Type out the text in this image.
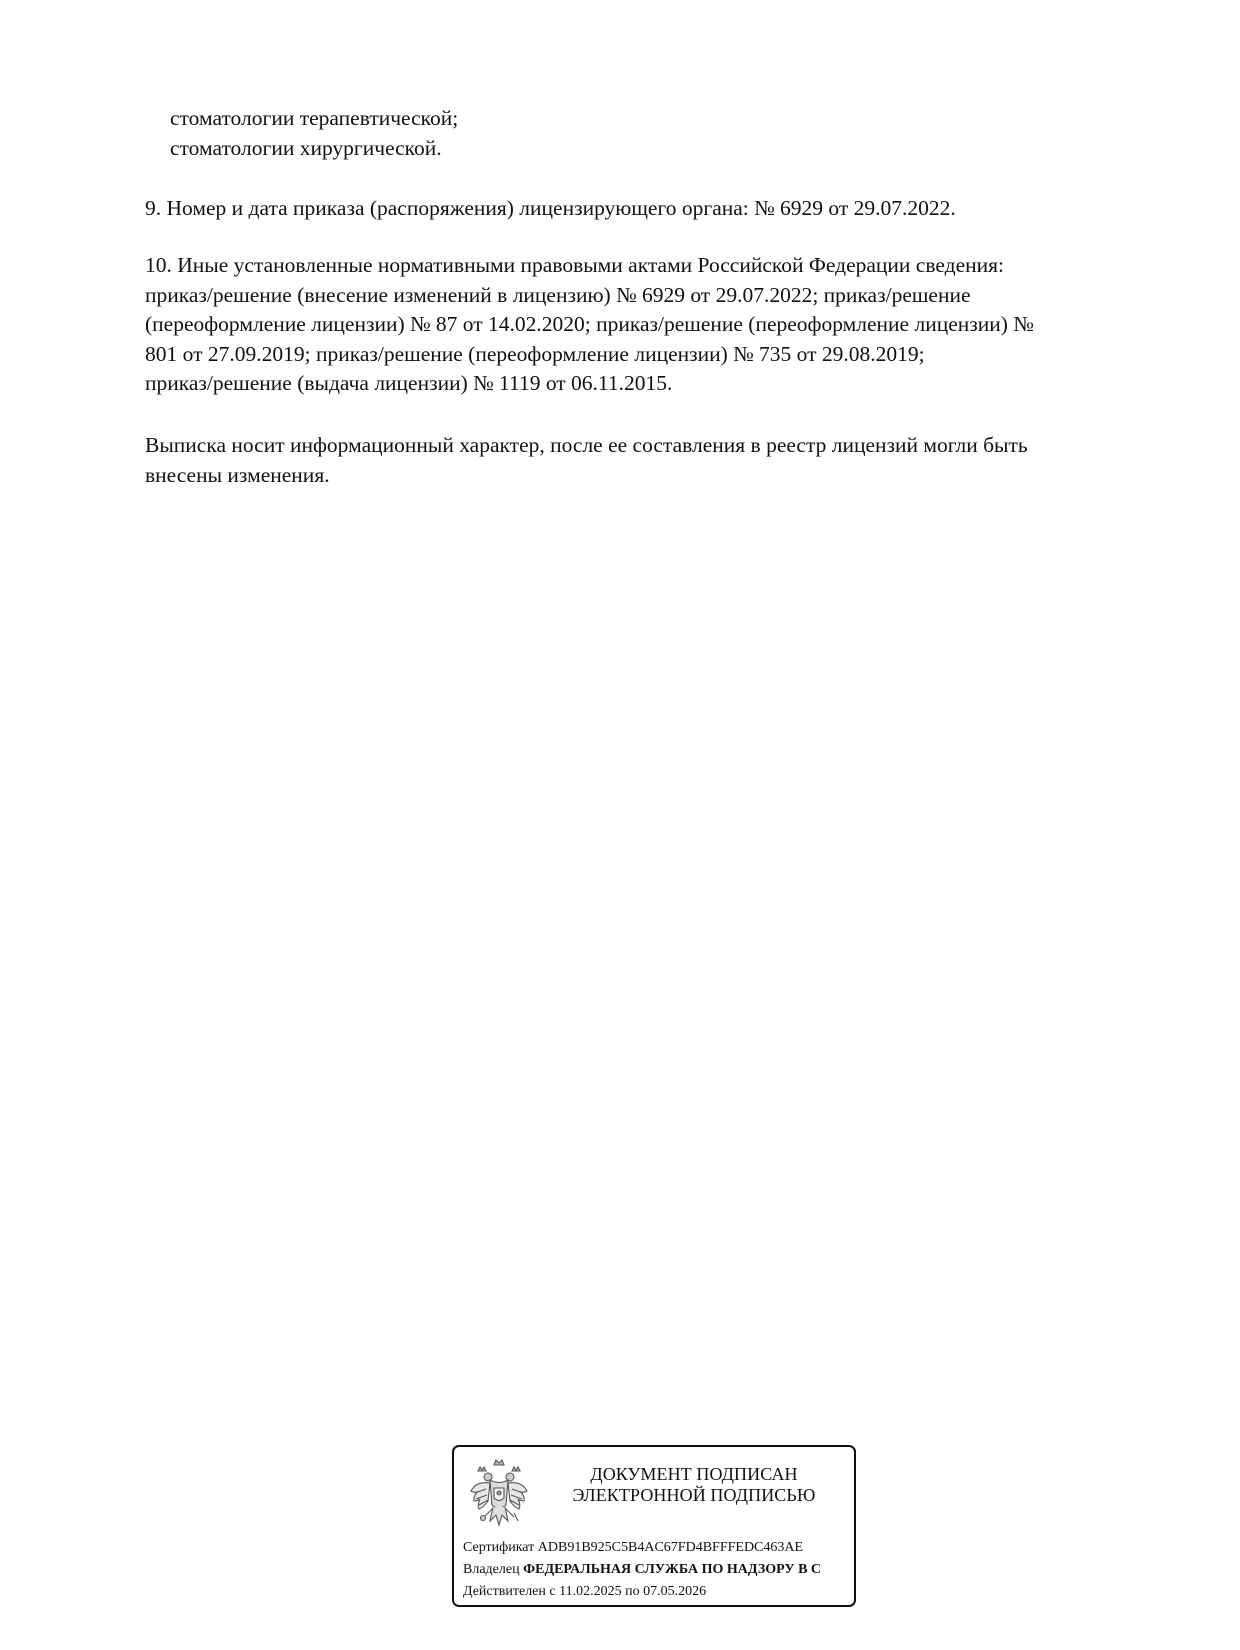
стоматологии терапевтической;
стоматологии хирургической.

9. Номер и дата приказа (распоряжения) лицензирующего органа: № 6929 от 29.07.2022.

10. Иные установленные нормативными правовыми актами Российской Федерации сведения:
приказ/решение (внесение изменений в лицензию) № 6929 от 29.07.2022; приказ/решение
(переоформление лицензии) № 87 от 14.02.2020; приказ/решение (переоформление лицензии) №
801 от 27.09.2019; приказ/решение (переоформление лицензии) № 735 от 29.08.2019;
приказ/решение (выдача лицензии) № 1119 от 06.11.2015.
Выписка носит информационный характер, после ее составления в реестр лицензий могли быть
внесены изменения.
ДОКУМЕНТ ПОДПИСАН
ЭЛЕКТРОННОЙ ПОДПИСЬЮ
Сертификат ADB91B925C5B4AC67FD4BFFFEDC463AE
Владелец ФЕДЕРАЛЬНАЯ СЛУЖБА ПО НАДЗОРУ В С
Действителен с 11.02.2025 по 07.05.2026
